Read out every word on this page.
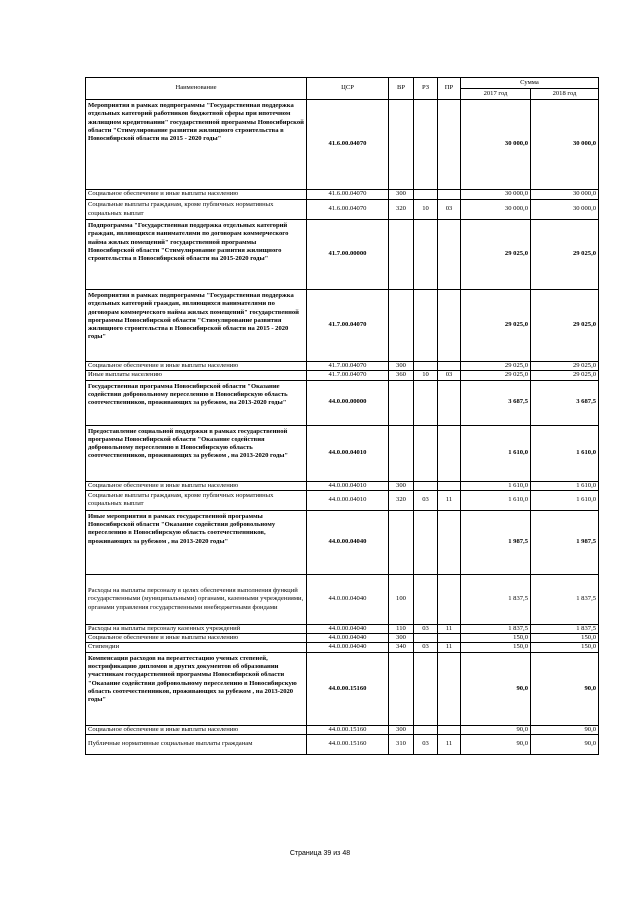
Наименование	ЦСР	ВР	РЗ	ПР	Сумма	
					2017 год	2018 год
Мероприятия в рамках подпрограммы "Государственная поддержка отдельных категорий работников бюджетной сферы при ипотечном жилищном кредитовании" государственной программы Новосибирской области "Стимулирование развития жилищного строительства в Новосибирской области на 2015 - 2020 годы"	41.6.00.04070				30 000,0	30 000,0
Социальное обеспечение и иные выплаты населению	41.6.00.04070	300			30 000,0	30 000,0
Социальные выплаты гражданам, кроме публичных нормативных социальных выплат	41.6.00.04070	320	10	03	30 000,0	30 000,0
Подпрограмма "Государственная поддержка отдельных категорий граждан, являющихся нанимателями по договорам коммерческого найма жилых помещений" государственной программы Новосибирской области "Стимулирование развития жилищного строительства в Новосибирской области на 2015-2020 годы"	41.7.00.00000				29 025,0	29 025,0
Мероприятия в рамках подпрограммы "Государственная поддержка отдельных категорий граждан, являющихся нанимателями по договорам коммерческого найма жилых помещений" государственной программы Новосибирской области "Стимулирование развития жилищного строительства в Новосибирской области на 2015 - 2020 годы"	41.7.00.04070				29 025,0	29 025,0
Социальное обеспечение и иные выплаты населению	41.7.00.04070	300			29 025,0	29 025,0
Иные выплаты населению	41.7.00.04070	360	10	03	29 025,0	29 025,0
Государственная программа Новосибирской области "Оказание содействия добровольному переселению в Новосибирскую область соотечественников, проживающих за рубежом, на 2013-2020 годы"	44.0.00.00000				3 687,5	3 687,5
Предоставление социальной поддержки в рамках государственной программы Новосибирской области "Оказание содействия добровольному переселению в Новосибирскую область соотечественников, проживающих за рубежом , на 2013-2020 годы"	44.0.00.04010				1 610,0	1 610,0
Социальное обеспечение и иные выплаты населению	44.0.00.04010	300			1 610,0	1 610,0
Социальные выплаты гражданам, кроме публичных нормативных социальных выплат	44.0.00.04010	320	03	11	1 610,0	1 610,0
Иные мероприятия в рамках государственной программы Новосибирской области "Оказание содействия добровольному переселению в Новосибирскую область соотечественников, проживающих за рубежом , на 2013-2020 годы"	44.0.00.04040				1 987,5	1 987,5
Расходы на выплаты персоналу в целях обеспечения выполнения функций государственными (муниципальными) органами, казенными учреждениями, органами управления государственными внебюджетными фондами	44.0.00.04040	100			1 837,5	1 837,5
Расходы на выплаты персоналу казенных учреждений	44.0.00.04040	110	03	11	1 837,5	1 837,5
Социальное обеспечение и иные выплаты населению	44.0.00.04040	300			150,0	150,0
Стипендии	44.0.00.04040	340	03	11	150,0	150,0
Компенсация расходов на переаттестацию ученых степеней, нострификацию дипломов и других документов об образовании участникам государственной программы Новосибирской области "Оказание содействия добровольному переселению в Новосибирскую область соотечественников, проживающих за рубежом , на 2013-2020 годы"	44.0.00.15160				90,0	90,0
Социальное обеспечение и иные выплаты населению	44.0.00.15160	300			90,0	90,0
Публичные нормативные социальные выплаты гражданам	44.0.00.15160	310	03	11	90,0	90,0
Страница 39 из 48
